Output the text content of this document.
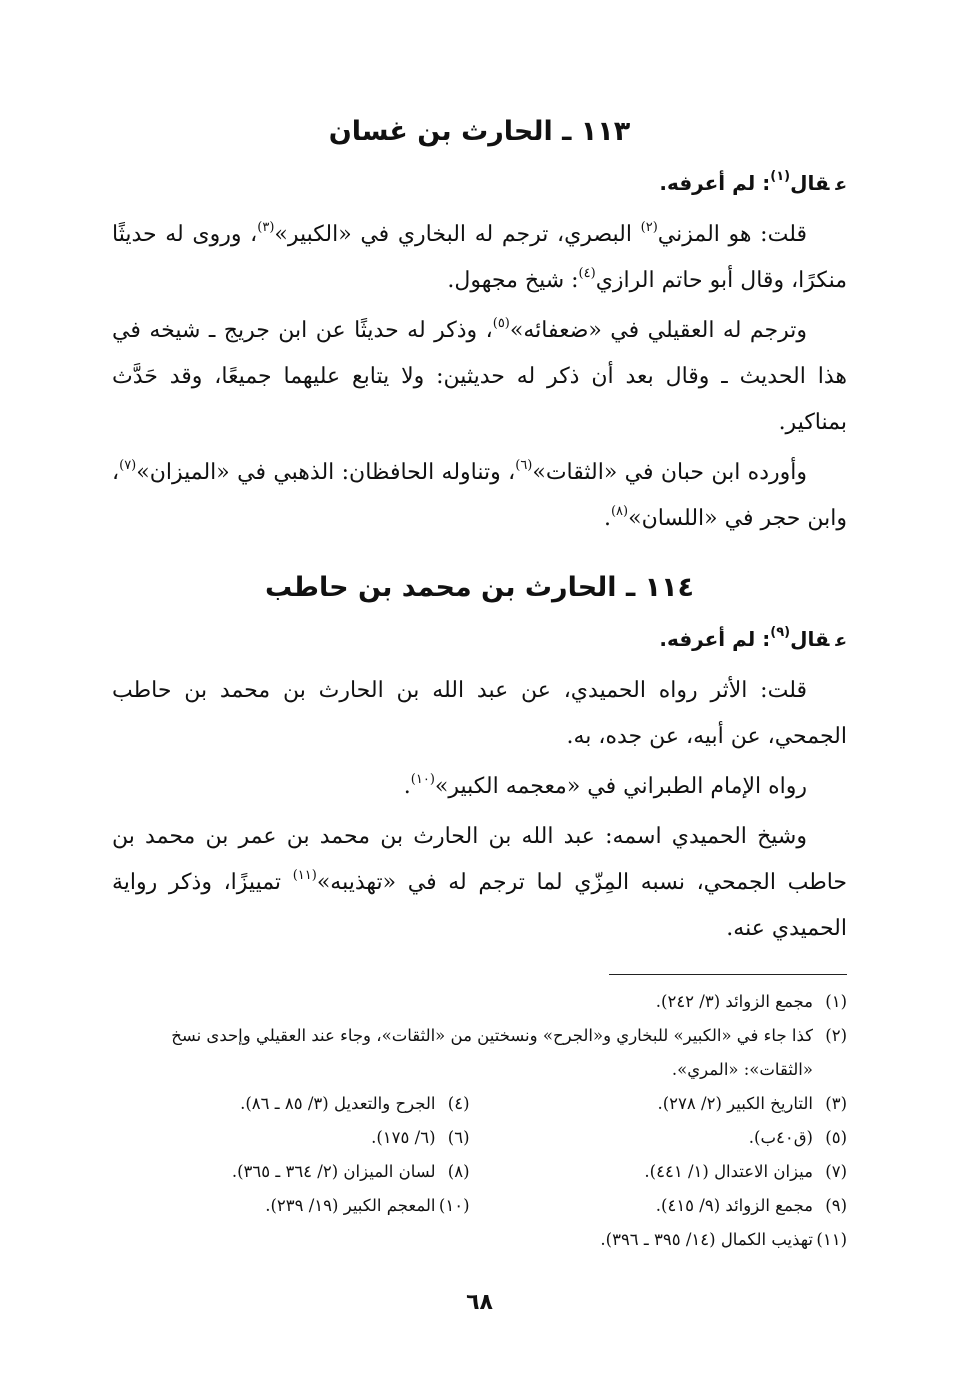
١١٣ ـ الحارث بن غسان
عقال$^{(١)}$: لم أعرفه.

قلت: هو المزني$^{(٢)}$ البصري، ترجم له البخاري في «الكبير»$^{(٣)}$، وروى له حديثًا منكرًا، وقال أبو حاتم الرازي$^{(٤)}$: شيخ مجهول.

وترجم له العقيلي في «ضعفائه»$^{(٥)}$، وذكر له حديثًا عن ابن جريج ـ شيخه في هذا الحديث ـ وقال بعد أن ذكر له حديثين: ولا يتابع عليهما جميعًا، وقد حَدَّث بمناكير.

وأورده ابن حبان في «الثقات»$^{(٦)}$، وتناوله الحافظان: الذهبي في «الميزان»$^{(٧)}$، وابن حجر في «اللسان»$^{(٨)}$.

١١٤ ـ الحارث بن محمد بن حاطب
عقال$^{(٩)}$: لم أعرفه.

قلت: الأثر رواه الحميدي، عن عبد الله بن الحارث بن محمد بن حاطب الجمحي، عن أبيه، عن جده، به.

رواه الإمام الطبراني في «معجمه الكبير»$^{(١٠)}$.

وشيخ الحميدي اسمه: عبد الله بن الحارث بن محمد بن عمر بن محمد بن حاطب الجمحي، نسبه المِزّي لما ترجم له في «تهذيبه»$^{(١١)}$ تمييزًا، وذكر رواية الحميدي عنه.

(١)
مجمع الزوائد (٣/ ٢٤٢).
(٢)
كذا جاء في «الكبير» للبخاري و«الجرح» ونسختين من «الثقات»، وجاء عند العقيلي وإحدى نسخ «الثقات»: «المري».
(٣)
التاريخ الكبير (٢/ ٢٧٨).
(٤)
الجرح والتعديل (٣/ ٨٥ ـ ٨٦).
(٥)
(ق٤٠ب).
(٦)
(٦/ ١٧٥).
(٧)
ميزان الاعتدال (١/ ٤٤١).
(٨)
لسان الميزان (٢/ ٣٦٤ ـ ٣٦٥).
(٩)
مجمع الزوائد (٩/ ٤١٥).
(١٠)
المعجم الكبير (١٩/ ٢٣٩).
(١١)
تهذيب الكمال (١٤/ ٣٩٥ ـ ٣٩٦).
٦٨
